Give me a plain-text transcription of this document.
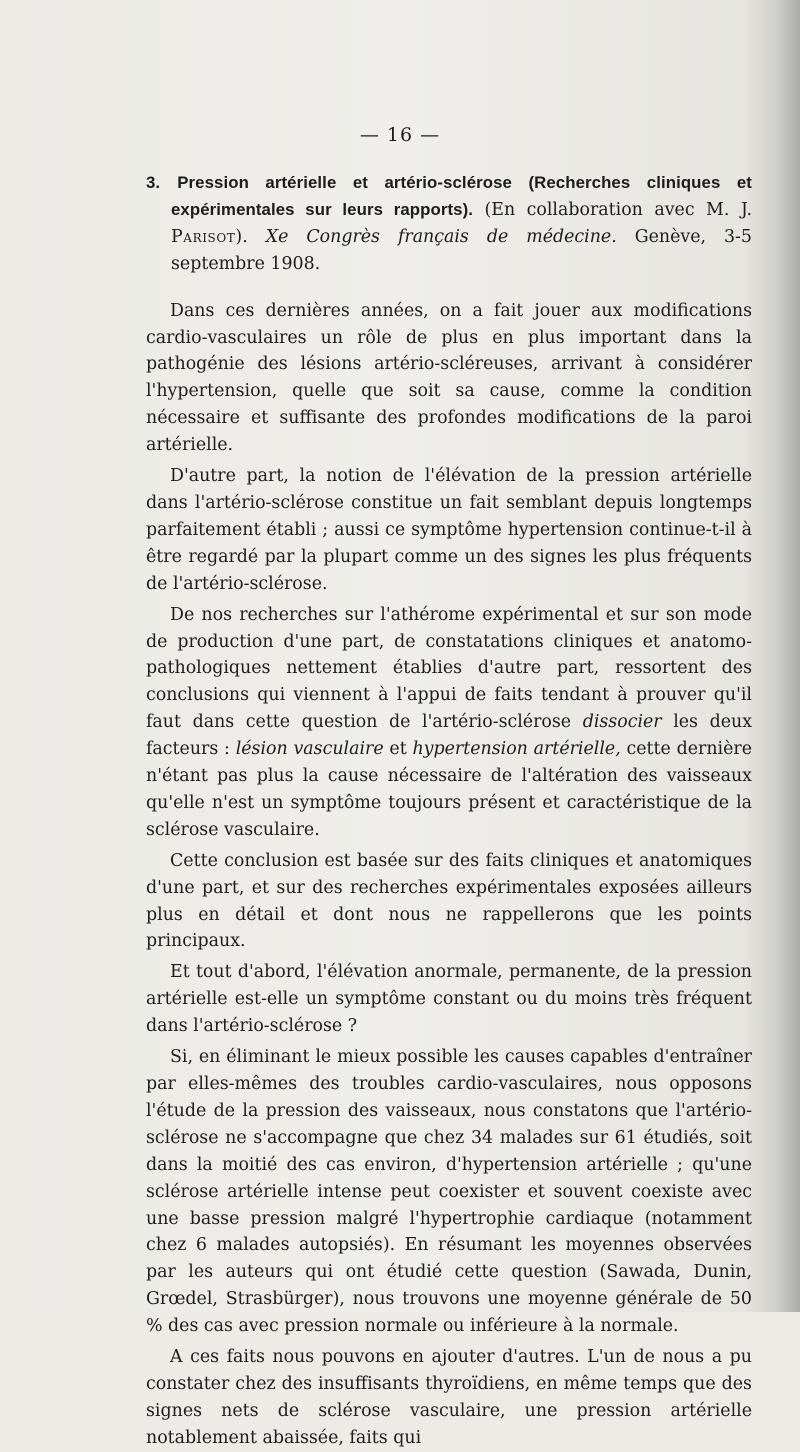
— 16 —
3. Pression artérielle et artério-sclérose (Recherches cliniques et expérimentales sur leurs rapports). (En collaboration avec M. J. Parisot). Xe Congrès français de médecine. Genève, 3-5 septembre 1908.

Dans ces dernières années, on a fait jouer aux modifications cardio-vasculaires un rôle de plus en plus important dans la pathogénie des lésions artério-scléreuses, arrivant à considérer l'hypertension, quelle que soit sa cause, comme la condition nécessaire et suffisante des profondes modifications de la paroi artérielle.

D'autre part, la notion de l'élévation de la pression artérielle dans l'artério-sclérose constitue un fait semblant depuis longtemps parfaitement établi ; aussi ce symptôme hypertension continue-t-il à être regardé par la plupart comme un des signes les plus fréquents de l'artério-sclérose.

De nos recherches sur l'athérome expérimental et sur son mode de production d'une part, de constatations cliniques et anatomo-pathologiques nettement établies d'autre part, ressortent des conclusions qui viennent à l'appui de faits tendant à prouver qu'il faut dans cette question de l'artério-sclérose dissocier les deux facteurs : lésion vasculaire et hypertension artérielle, cette dernière n'étant pas plus la cause nécessaire de l'altération des vaisseaux qu'elle n'est un symptôme toujours présent et caractéristique de la sclérose vasculaire.

Cette conclusion est basée sur des faits cliniques et anatomiques d'une part, et sur des recherches expérimentales exposées ailleurs plus en détail et dont nous ne rappellerons que les points principaux.

Et tout d'abord, l'élévation anormale, permanente, de la pression artérielle est-elle un symptôme constant ou du moins très fréquent dans l'artério-sclérose ?

Si, en éliminant le mieux possible les causes capables d'entraîner par elles-mêmes des troubles cardio-vasculaires, nous opposons l'étude de la pression des vaisseaux, nous constatons que l'artério-sclérose ne s'accompagne que chez 34 malades sur 61 étudiés, soit dans la moitié des cas environ, d'hypertension artérielle ; qu'une sclérose artérielle intense peut coexister et souvent coexiste avec une basse pression malgré l'hypertrophie cardiaque (notamment chez 6 malades autopsiés). En résumant les moyennes observées par les auteurs qui ont étudié cette question (Sawada, Dunin, Grœdel, Strasbürger), nous trouvons une moyenne générale de 50 % des cas avec pression normale ou inférieure à la normale.

A ces faits nous pouvons en ajouter d'autres. L'un de nous a pu constater chez des insuffisants thyroïdiens, en même temps que des signes nets de sclérose vasculaire, une pression artérielle notablement abaissée, faits qui
